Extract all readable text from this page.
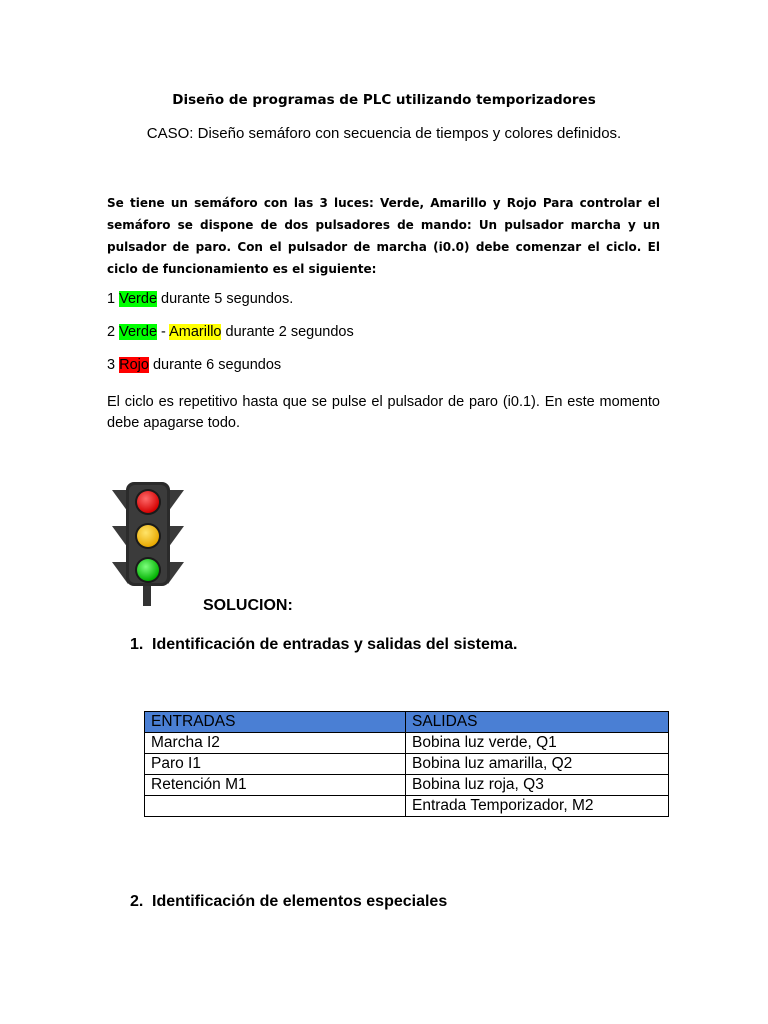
Diseño de programas de PLC utilizando temporizadores
CASO: Diseño semáforo con secuencia de tiempos y colores definidos.
Se tiene un semáforo con las 3 luces: Verde, Amarillo y Rojo Para controlar el semáforo se dispone de dos pulsadores de mando: Un pulsador marcha y un pulsador de paro. Con el pulsador de marcha (i0.0) debe comenzar el ciclo. El ciclo de funcionamiento es el siguiente:
1 Verde durante 5 segundos.
2 Verde - Amarillo durante 2 segundos
3 Rojo durante 6 segundos
El ciclo es repetitivo hasta que se pulse el pulsador de paro (i0.1). En este momento debe apagarse todo.
SOLUCION:
1. Identificación de entradas y salidas del sistema.
ENTRADAS	SALIDAS
Marcha I2	Bobina luz verde, Q1
Paro I1	Bobina luz amarilla, Q2
Retención M1	Bobina luz roja, Q3
	Entrada Temporizador, M2
2. Identificación de elementos especiales
